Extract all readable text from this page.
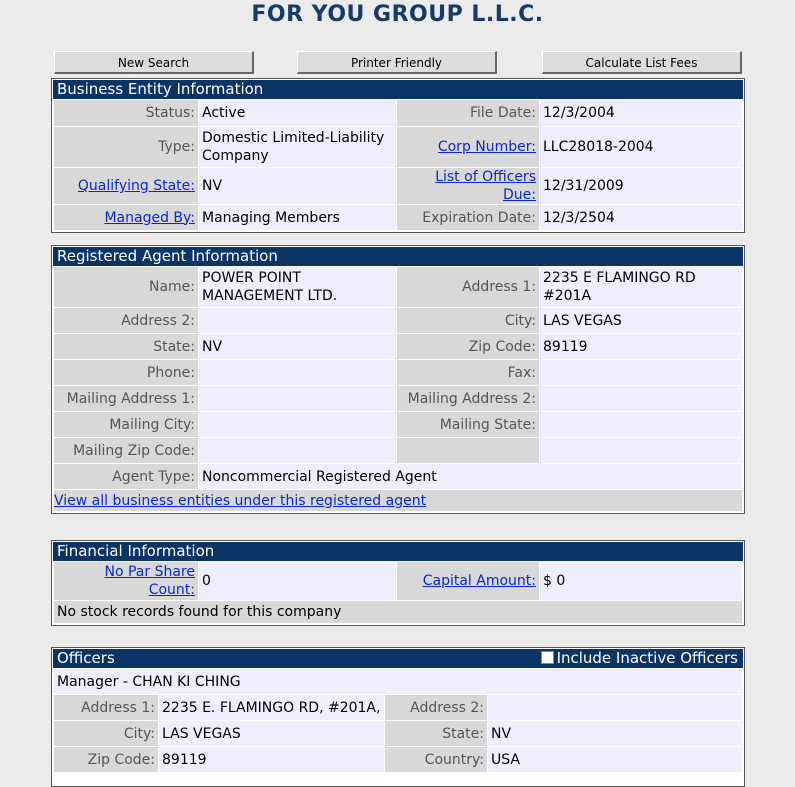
FOR YOU GROUP L.L.C.
New Search	Printer Friendly	Calculate List Fees
Business Entity Information
Status:	Active	File Date:	12/3/2004
Type:	Domestic Limited-Liability Company	Corp Number:	LLC28018-2004
Qualifying State:	NV	List of Officers Due:	12/31/2009
Managed By:	Managing Members	Expiration Date:	12/3/2504
Registered Agent Information
Name:	POWER POINT MANAGEMENT LTD.	Address 1:	2235 E FLAMINGO RD #201A
Address 2:		City:	LAS VEGAS
State:	NV	Zip Code:	89119
Phone:		Fax:	
Mailing Address 1:		Mailing Address 2:	
Mailing City:		Mailing State:	
Mailing Zip Code:			
Agent Type:	Noncommercial Registered Agent		
View all business entities under this registered agent			
Financial Information
No Par Share Count:	0	Capital Amount:	$ 0
No stock records found for this company
Officers	Include Inactive Officers
Manager - CHAN KI CHING			
Address 1:	2235 E. FLAMINGO RD, #201A,	Address 2:	
City:	LAS VEGAS	State:	NV
Zip Code:	89119	Country:	USA
